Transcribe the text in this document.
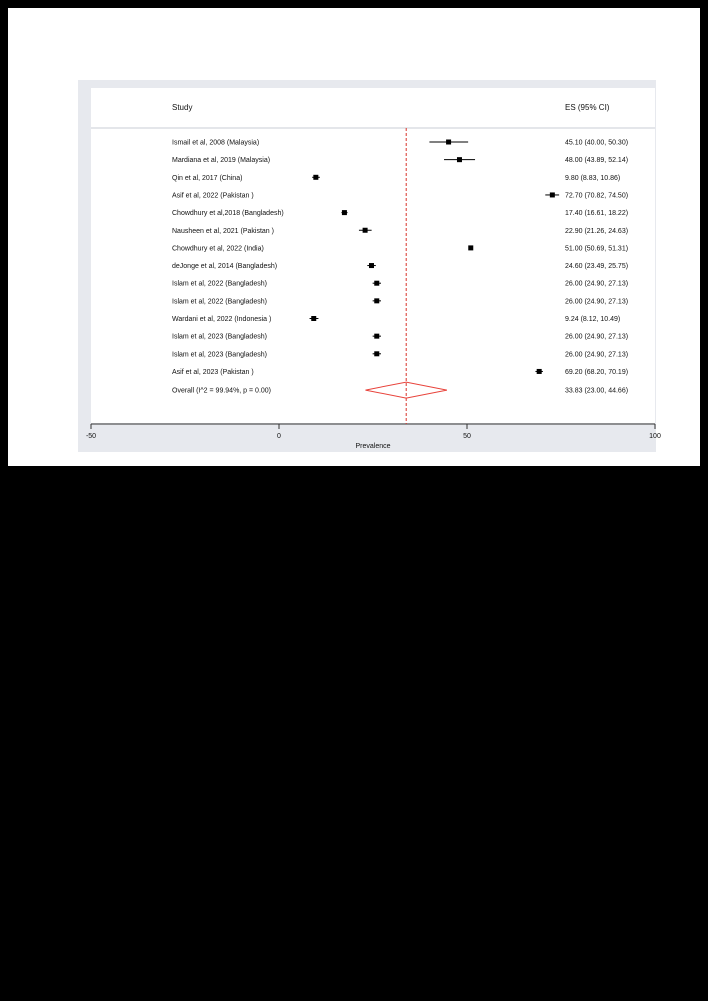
Study	ES (95% CI)
Prevalence
Ismail et al, 2008 (Malaysia)	45.10 (40.00, 50.30)
Mardiana et al, 2019 (Malaysia)	48.00 (43.89, 52.14)
Qin et al, 2017 (China)	9.80 (8.83, 10.86)
Asif et al, 2022 (Pakistan )	72.70 (70.82, 74.50)
Chowdhury et al,2018 (Bangladesh)	17.40 (16.61, 18.22)
Nausheen et al, 2021 (Pakistan )	22.90 (21.26, 24.63)
Chowdhury et al, 2022 (India)	51.00 (50.69, 51.31)
deJonge et al, 2014 (Bangladesh)	24.60 (23.49, 25.75)
Islam et al, 2022 (Bangladesh)	26.00 (24.90, 27.13)
Islam et al, 2022 (Bangladesh)	26.00 (24.90, 27.13)
Wardani et al, 2022 (Indonesia )	9.24 (8.12, 10.49)
Islam et al, 2023 (Bangladesh)	26.00 (24.90, 27.13)
Islam et al, 2023 (Bangladesh)	26.00 (24.90, 27.13)
Asif et al, 2023 (Pakistan )	69.20 (68.20, 70.19)
Overall (I^2 = 99.94%, p = 0.00)	33.83 (23.00, 44.66)
-50	0	50	100
